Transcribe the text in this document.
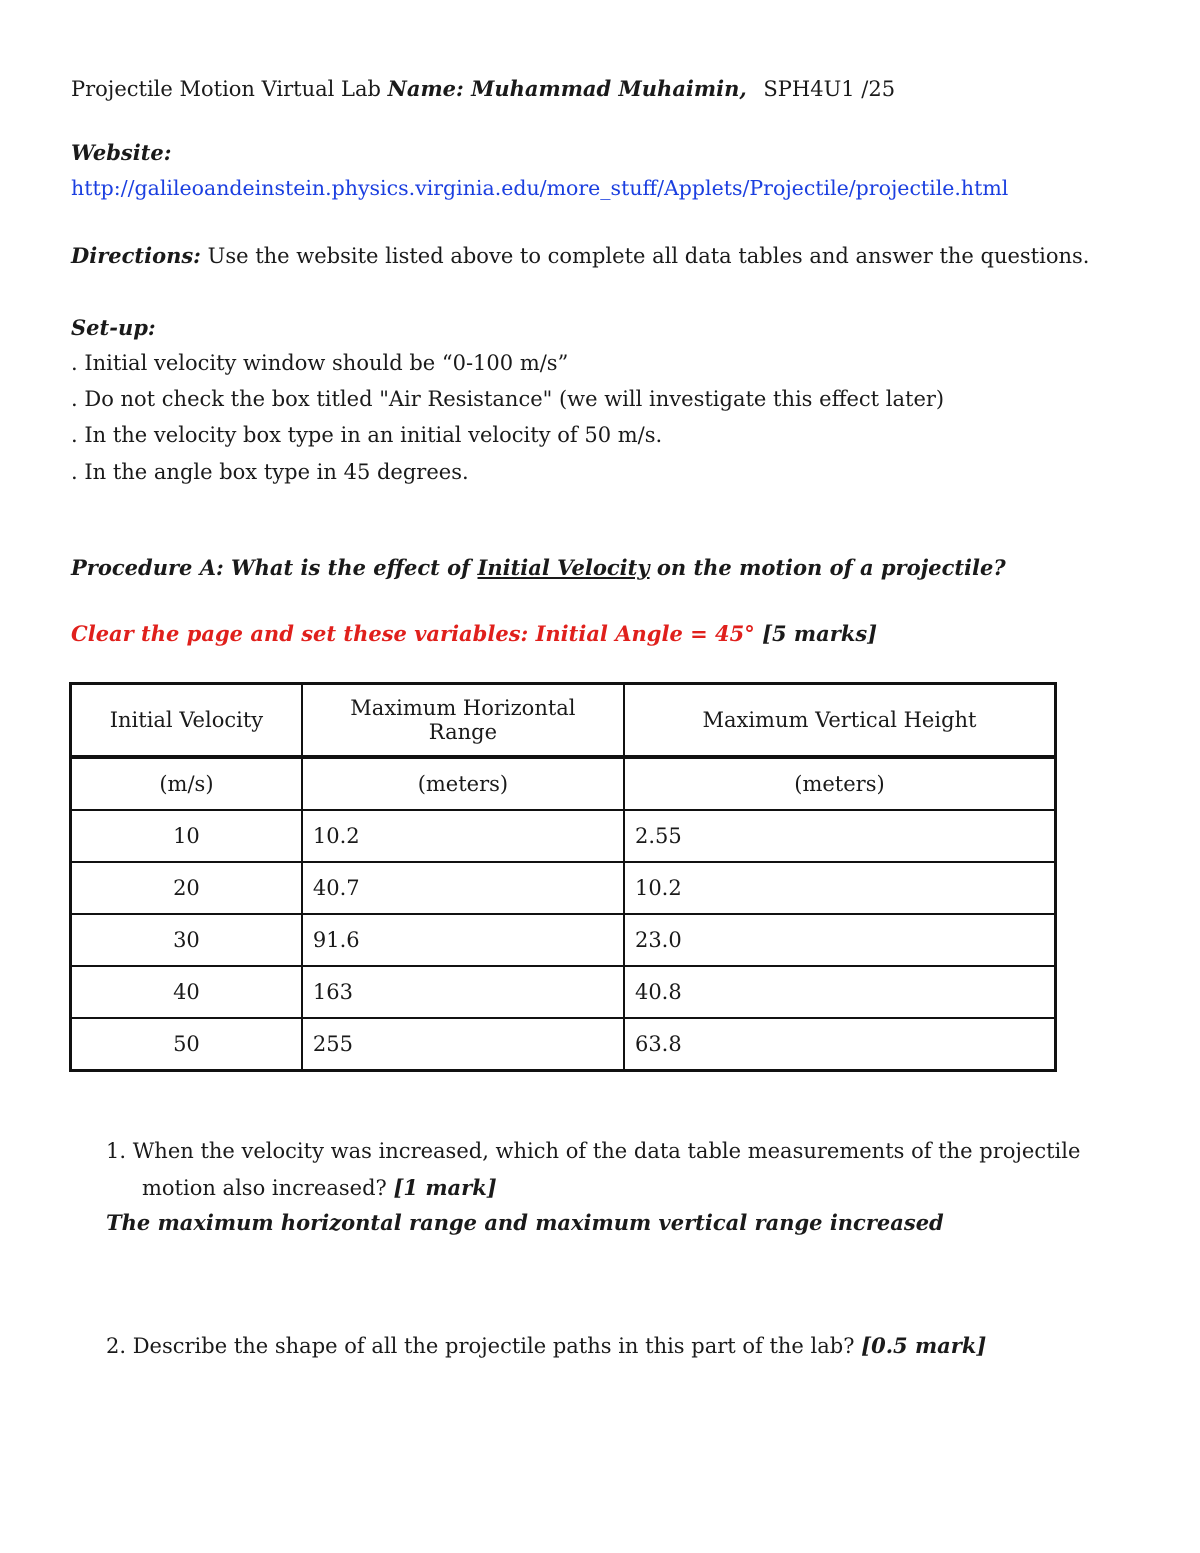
Projectile Motion Virtual Lab Name: Muhammad Muhaimin, SPH4U1 /25
Website:
http://galileoandeinstein.physics.virginia.edu/more_stuff/Applets/Projectile/projectile.html
Directions: Use the website listed above to complete all data tables and answer the questions.
Set-up:
. Initial velocity window should be “0-100 m/s”
. Do not check the box titled "Air Resistance" (we will investigate this effect later)
. In the velocity box type in an initial velocity of 50 m/s.
. In the angle box type in 45 degrees.
Procedure A: What is the effect of Initial Velocity on the motion of a projectile?
Clear the page and set these variables: Initial Angle = 45° [5 marks]
Initial Velocity	Maximum Horizontal Range	Maximum Vertical Height
(m/s)	(meters)	(meters)
10	10.2	2.55
20	40.7	10.2
30	91.6	23.0
40	163	40.8
50	255	63.8
1. When the velocity was increased, which of the data table measurements of the projectile
motion also increased? [1 mark]
The maximum horizontal range and maximum vertical range increased
2. Describe the shape of all the projectile paths in this part of the lab? [0.5 mark]
